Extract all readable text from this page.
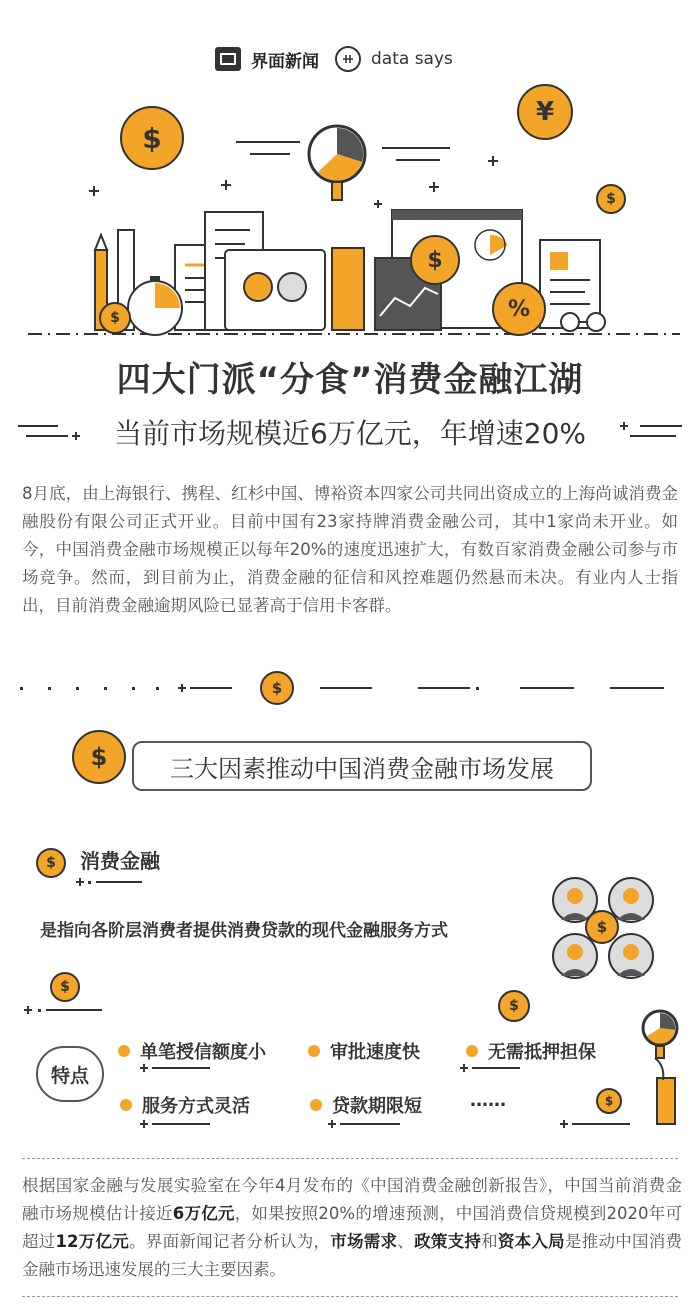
界面新闻	data says
$
¥
$
$
$	%
四大门派“分食”消费金融江湖
当前市场规模近6万亿元，年增速20%
8月底，由上海银行、携程、红杉中国、博裕资本四家公司共同出资成立的上海尚诚消费金融股份有限公司正式开业。目前中国有23家持牌消费金融公司，其中1家尚未开业。如今，中国消费金融市场规模正以每年20%的速度迅速扩大，有数百家消费金融公司参与市场竞争。然而，到目前为止，消费金融的征信和风控难题仍然悬而未决。有业内人士指出，目前消费金融逾期风险已显著高于信用卡客群。
$
$	三大因素推动中国消费金融市场发展
$ 消费金融
是指向各阶层消费者提供消费贷款的现代金融服务方式	$
$
$
$
特点
单笔授信额度小	审批速度快	无需抵押担保
服务方式灵活	贷款期限短	……
根据国家金融与发展实验室在今年4月发布的《中国消费金融创新报告》，中国当前消费金融市场规模估计接近6万亿元，如果按照20%的增速预测，中国消费信贷规模到2020年可超过12万亿元。界面新闻记者分析认为，市场需求、政策支持和资本入局是推动中国消费金融市场迅速发展的三大主要因素。
